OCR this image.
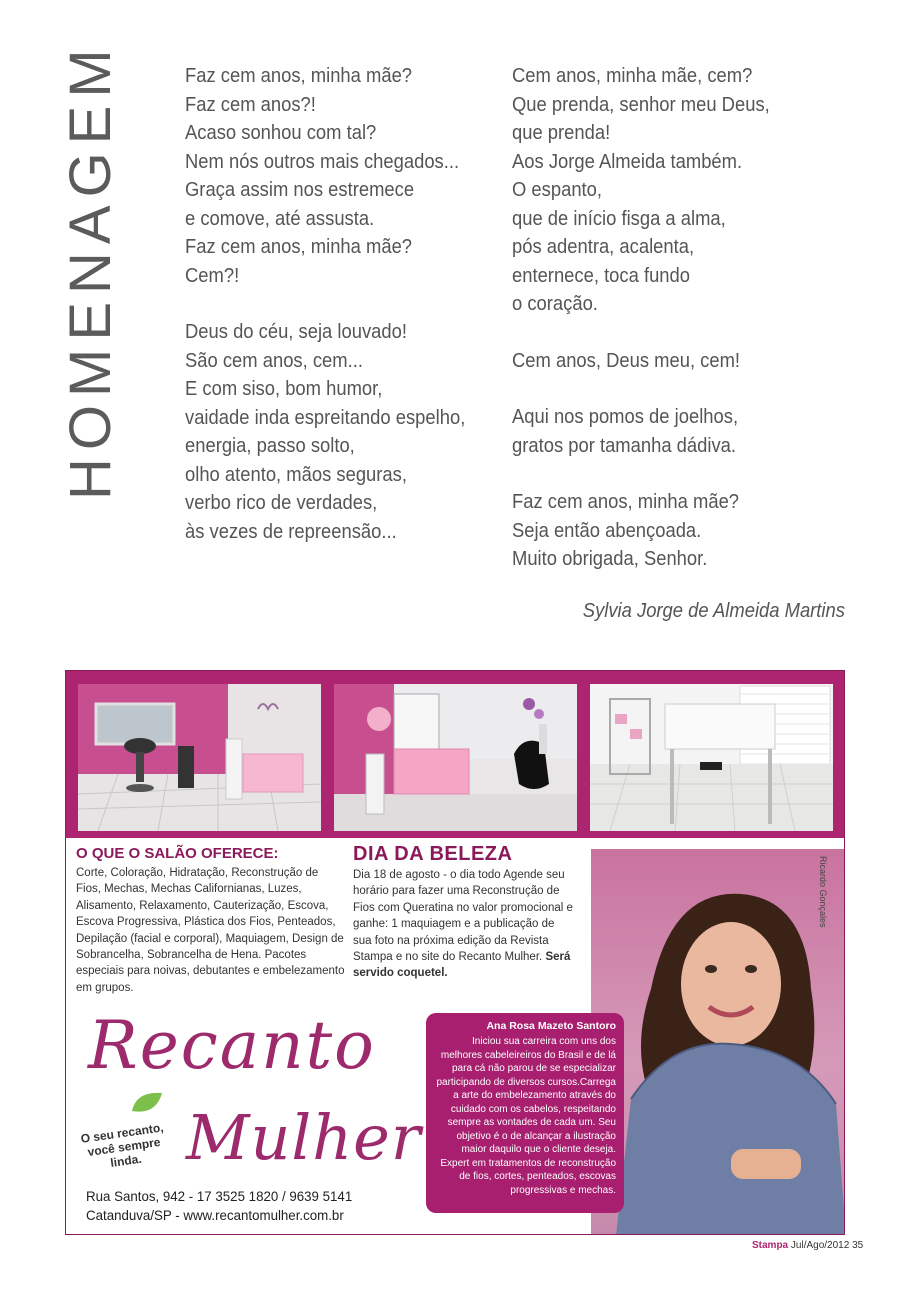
HOMENAGEM	Faz cem anos, minha mãe?
Faz cem anos?!
Acaso sonhou com tal?
Nem nós outros mais chegados...
Graça assim nos estremece
e comove, até assusta.
Faz cem anos, minha mãe?
Cem?!
Deus do céu, seja louvado!
São cem anos, cem...
E com siso, bom humor,
vaidade inda espreitando espelho,
energia, passo solto,
olho atento, mãos seguras,
verbo rico de verdades,
às vezes de repreensão...
Cem anos, minha mãe, cem?
Que prenda, senhor meu Deus,
que prenda!
Aos Jorge Almeida também.
O espanto,
que de início fisga a alma,
pós adentra, acalenta,
enternece, toca fundo
o coração.
Cem anos, Deus meu, cem!
Aqui nos pomos de joelhos,
gratos por tamanha dádiva.
Faz cem anos, minha mãe?
Seja então abençoada.
Muito obrigada, Senhor.
Sylvia Jorge de Almeida Martins
O QUE O SALÃO OFERECE:
Corte, Coloração, Hidratação, Reconstrução de Fios, Mechas, Mechas Californianas, Luzes, Alisamento, Relaxamento, Cauterização, Escova, Escova Progressiva, Plástica dos Fios, Penteados, Depilação (facial e corporal), Maquiagem, Design de Sobrancelha, Sobrancelha de Hena. Pacotes especiais para noivas, debutantes e embelezamento em grupos.
DIA DA BELEZA
Dia 18 de agosto - o dia todo Agende seu horário para fazer uma Reconstrução de Fios com Queratina no valor promocional e ganhe: 1 maquiagem e a publicação de sua foto na próxima edição da Revista Stampa e no site do Recanto Mulher. Será servido coquetel.
Ricardo Gonçales
Ana Rosa Mazeto Santoro
Iniciou sua carreira com uns dos melhores cabeleireiros do Brasil e de lá para cá não parou de se especializar participando de diversos cursos.Carrega a arte do embelezamento através do cuidado com os cabelos, respeitando sempre as vontades de cada um. Seu objetivo é o de alcançar a ilustração maior daquilo que o cliente deseja. Expert em tratamentos de reconstrução de fios, cortes, penteados, escovas progressivas e mechas.
Recanto
Mulher
O seu recanto, você sempre linda.
Rua Santos, 942 - 17 3525 1820 / 9639 5141
Catanduva/SP - www.recantomulher.com.br
Stampa Jul/Ago/2012 35
